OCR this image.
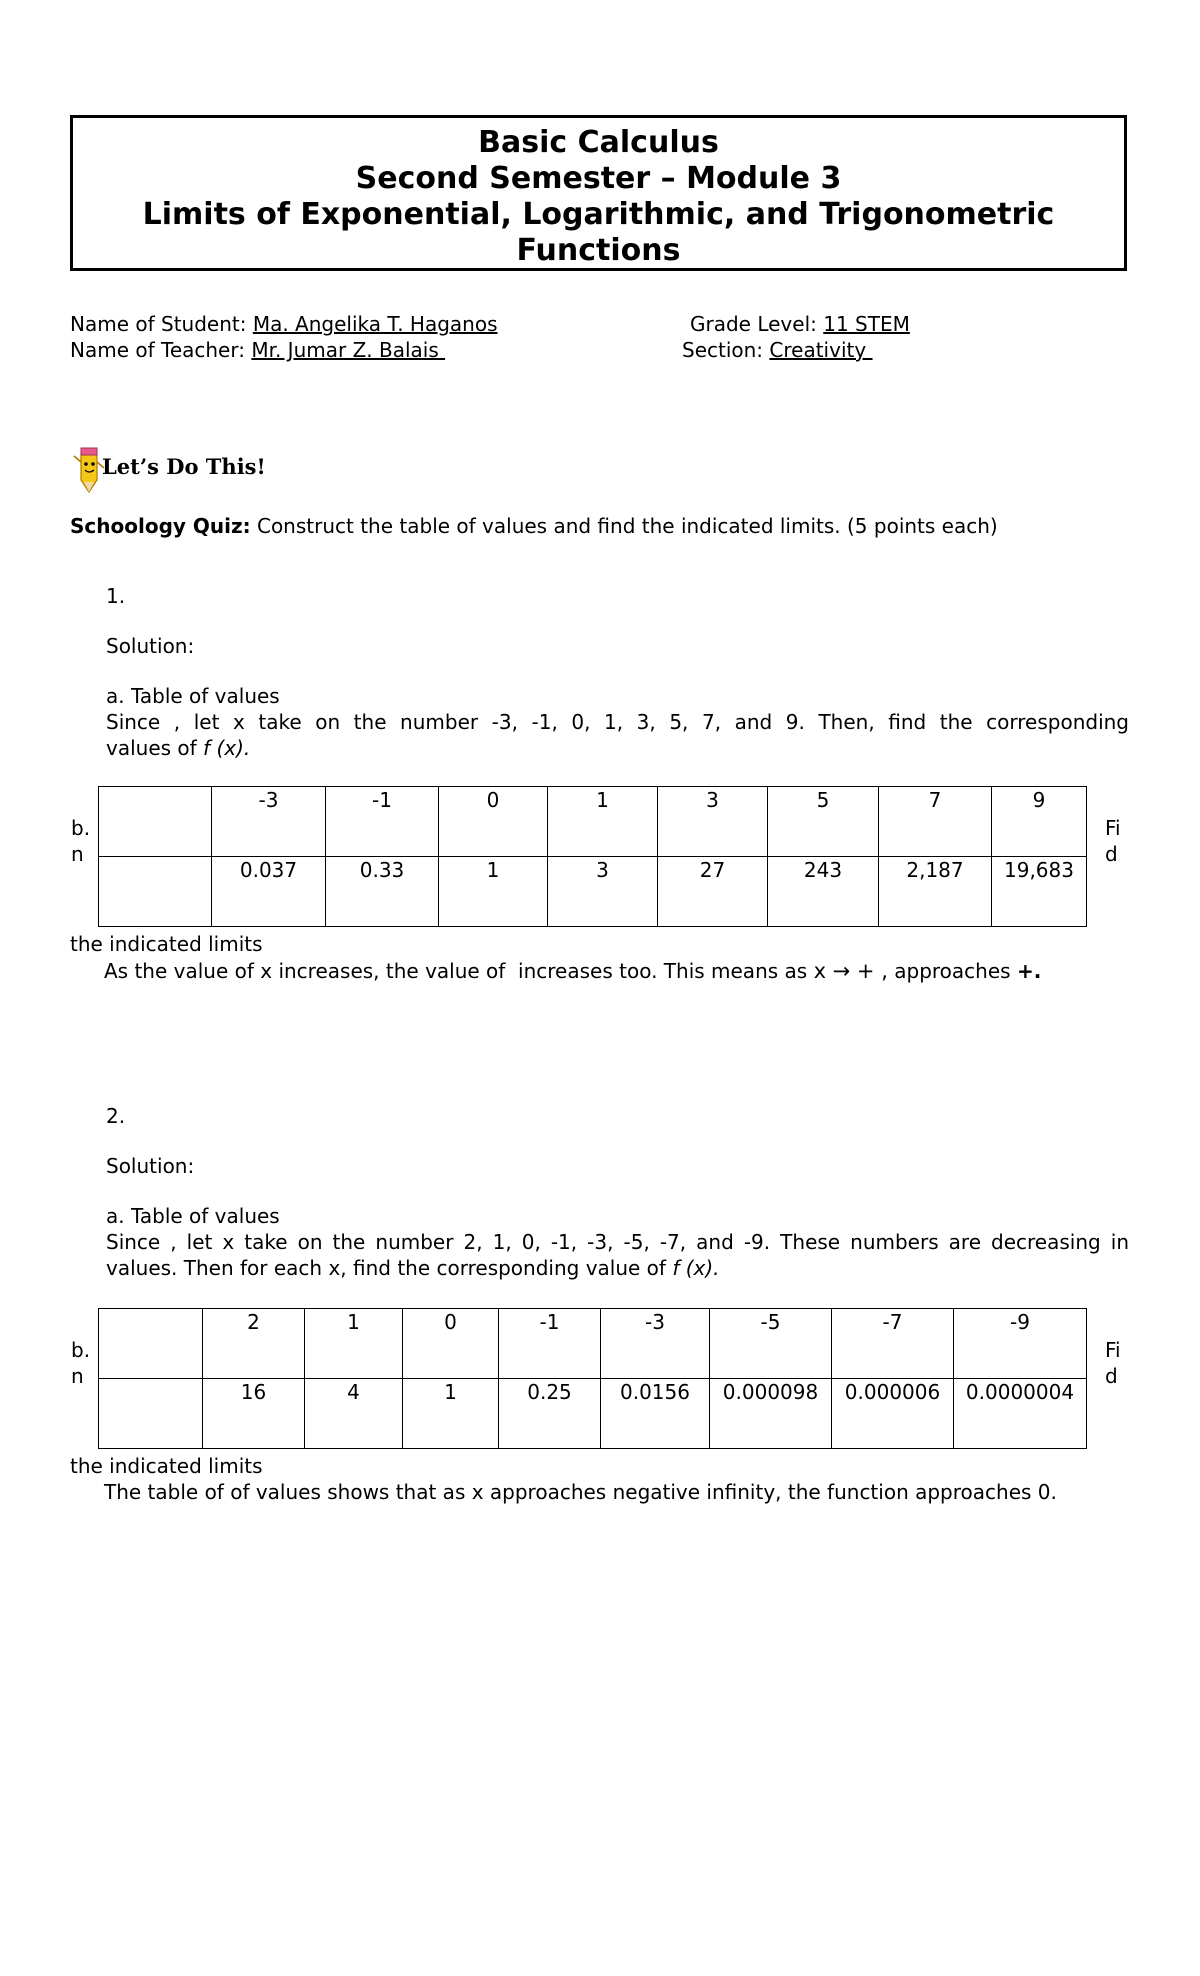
Basic Calculus
Second Semester – Module 3
Limits of Exponential, Logarithmic, and Trigonometric
Functions
Name of Student: Ma. Angelika T. Haganos	Grade Level: 11 STEM
Name of Teacher: Mr. Jumar Z. Balais	Section: Creativity
Let’s Do This!
Schoology Quiz: Construct the table of values and find the indicated limits. (5 points each)
1.
Solution:
a. Table of values
Since , let x take on the number -3, -1, 0, 1, 3, 5, 7, and 9. Then, find the corresponding
values of f (x).
b. n
Fi d
	-3	-1	0	1	3	5	7	9
	0.037	0.33	1	3	27	243	2,187	19,683
the indicated limits
As the value of x increases, the value of  increases too. This means as x → + , approaches +.
2.
Solution:
a. Table of values
Since , let x take on the number 2, 1, 0, -1, -3, -5, -7, and -9. These numbers are decreasing in
values. Then for each x, find the corresponding value of f (x).
b. n
Fi d
	2	1	0	-1	-3	-5	-7	-9
	16	4	1	0.25	0.0156	0.000098	0.000006	0.0000004
the indicated limits
The table of of values shows that as x approaches negative infinity, the function approaches 0.
